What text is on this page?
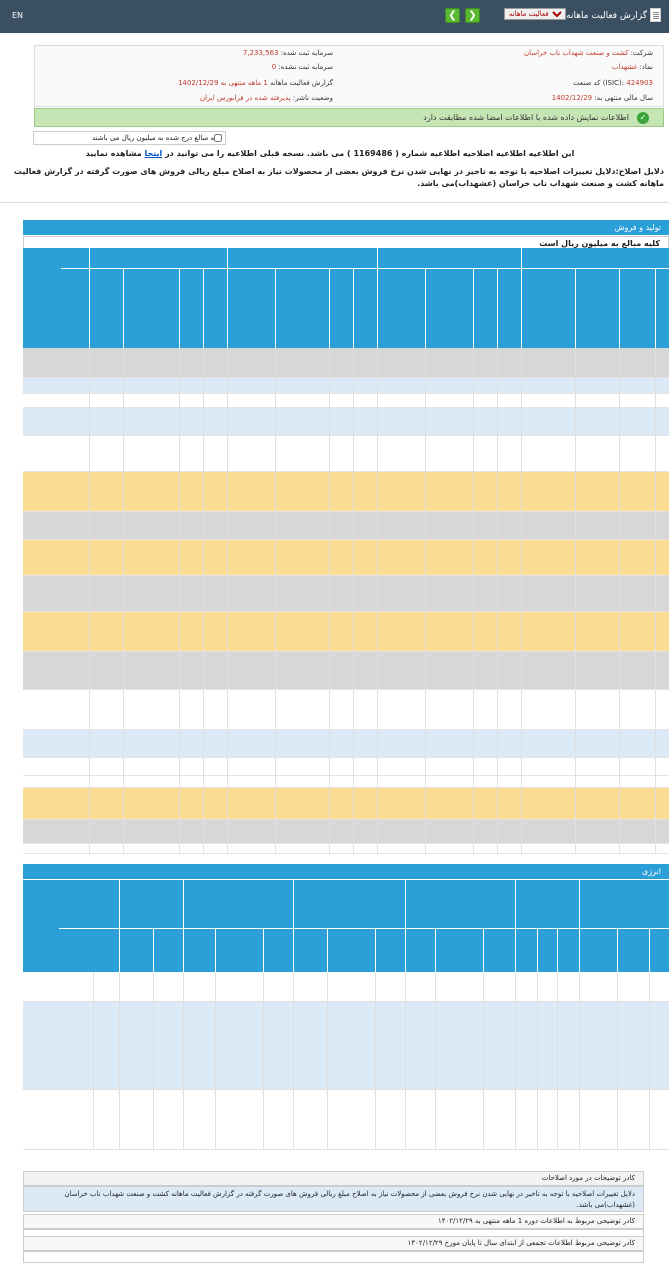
گزارش فعالیت ماهانه
گزارش فعالیت ماهانه
❯
❮
EN
شرکت: کشت و صنعت شهداب ناب خراسان
نماد: غشهداب
کد صنعت (ISIC): 424903
سال مالی منتهی به: 1402/12/29
سرمایه ثبت شده: 7,233,563
سرمایه ثبت نشده: 0
گزارش فعالیت ماهانه 1 ماهه منتهی به 1402/12/29
وضعیت ناشر: پذیرفته شده در فرابورس ایران
✓
اطلاعات نمایش داده شده با اطلاعات امضا شده مطابقت دارد
کلیه مبالغ درج شده به میلیون ریال می باشند
این اطلاعیه اطلاعیه اصلاحیه اطلاعیه شماره ( 1169486 ) می باشد. نسخه قبلی اطلاعیه را می توانید در اینجا مشاهده نمایید
دلایل اصلاح:دلایل تغییرات اصلاحیه با توجه به تاخیر در نهایی شدن نرخ فروش بعضی از محصولات نیاز به اصلاح مبلغ ریالی فروش های صورت گرفته در گزارش فعالیت ماهانه کشت و صنعت شهداب ناب خراسان (غشهداب)می باشد.
تولید و فروش
کلیه مبالغ به میلیون ریال است
انرژی
کادر توضیحات در مورد اصلاحات
دلایل تغییرات اصلاحیه با توجه به تاخیر در نهایی شدن نرخ فروش بعضی از محصولات نیاز به اصلاح مبلغ ریالی فروش های صورت گرفته در گزارش فعالیت ماهانه کشت و صنعت شهداب ناب خراسان (غشهداب)می باشد.
کادر توضیحی مربوط به اطلاعات دوره 1 ماهه منتهی به ۱۴۰۲/۱۲/۲۹
کادر توضیحی مربوط اطلاعات تجمعی از ابتدای سال تا پایان مورخ ۱۴۰۲/۱۲/۲۹
